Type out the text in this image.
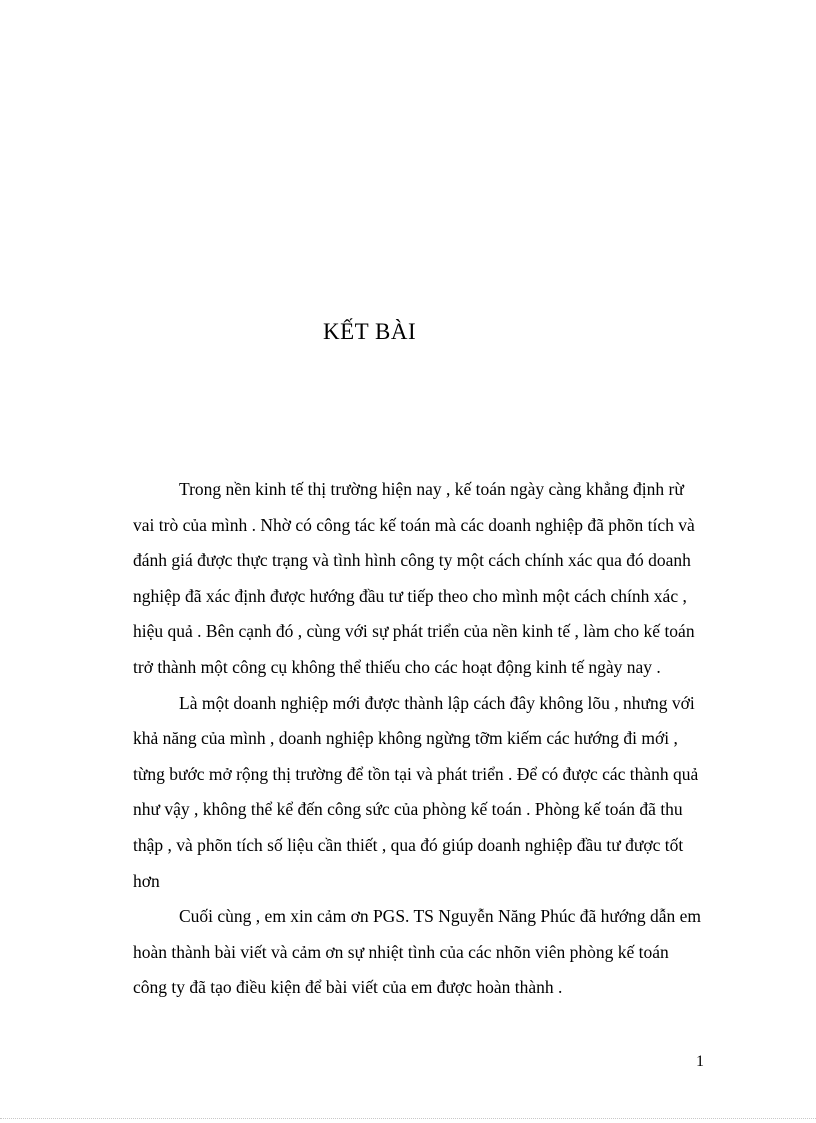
KẾT BÀI
Trong nền kinh tế thị trường hiện nay , kế toán ngày càng khẳng định rừ
vai trò của mình . Nhờ có công tác kế toán mà các doanh nghiệp đã phõn tích và
đánh giá được thực trạng và tình hình công ty một cách chính xác qua đó doanh
nghiệp đã xác định được hướng đầu tư tiếp theo cho mình một cách chính xác ,
hiệu quả . Bên cạnh đó , cùng với sự phát triển của nền kinh tế , làm cho kế toán
trở thành một công cụ không thể thiếu cho các hoạt động kinh tế ngày nay .
Là một doanh nghiệp mới được thành lập cách đây không lõu , nhưng với
khả năng của mình , doanh nghiệp không ngừng tỡm kiếm các hướng đi mới ,
từng bước mở rộng thị trường để tồn tại và phát triển . Để có được các thành quả
như vậy , không thể kể đến công sức của phòng kế toán . Phòng kế toán đã thu
thập , và phõn tích số liệu cần thiết , qua đó giúp doanh nghiệp đầu tư được tốt
hơn
Cuối cùng , em xin cảm ơn PGS. TS Nguyễn Năng Phúc đã hướng dẫn em
hoàn thành bài viết và cảm ơn sự nhiệt tình của các nhõn viên phòng kế toán
công ty đã tạo điều kiện để bài viết của em được hoàn thành .
1
